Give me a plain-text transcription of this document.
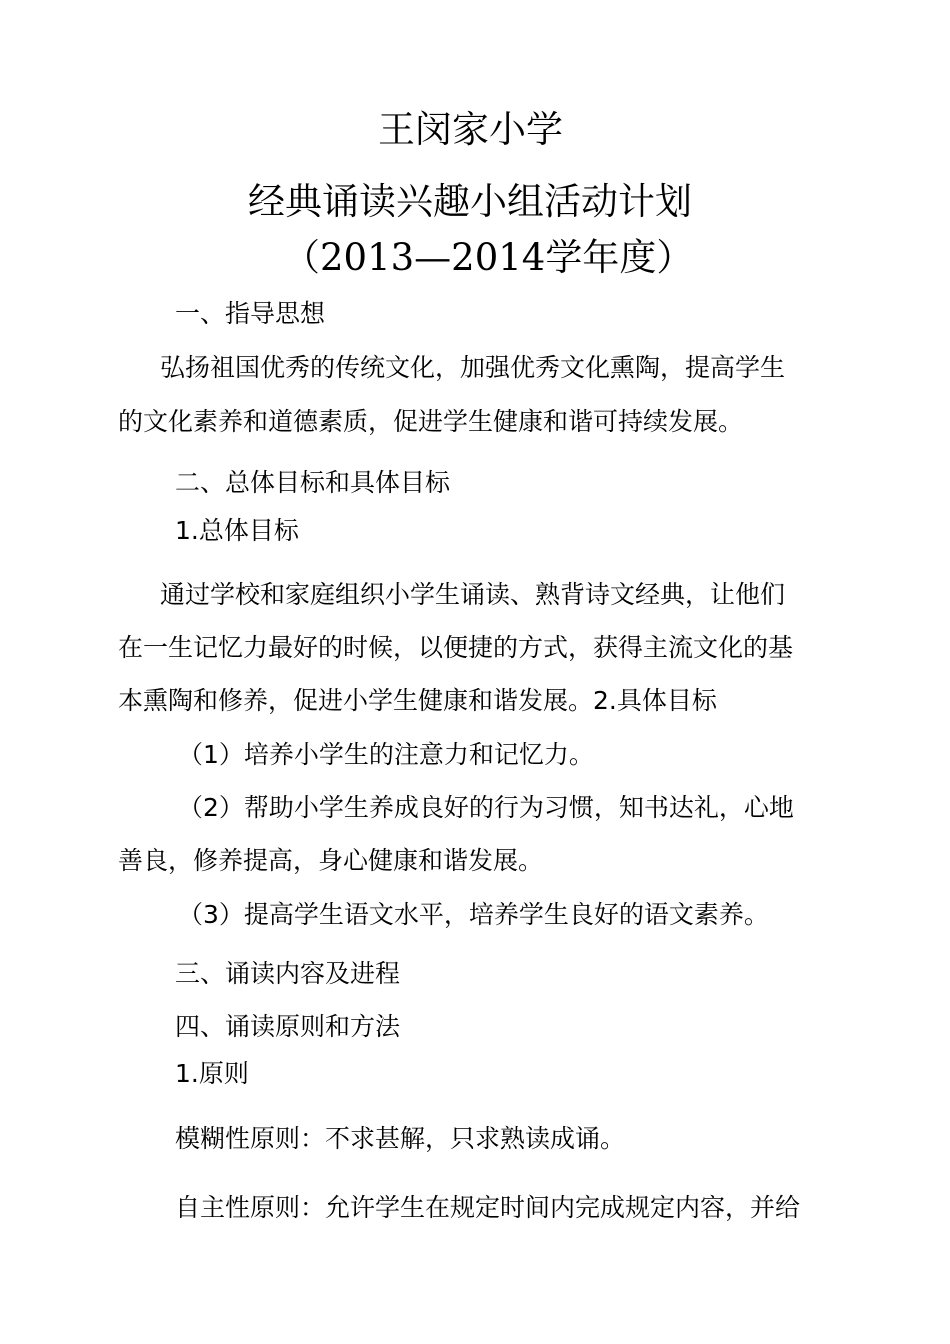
王闵家小学
经典诵读兴趣小组活动计划
（2013—2014学年度）
一、指导思想
弘扬祖国优秀的传统文化，加强优秀文化熏陶，提高学生
的文化素养和道德素质，促进学生健康和谐可持续发展。
二、总体目标和具体目标
1.总体目标
通过学校和家庭组织小学生诵读、熟背诗文经典，让他们
在一生记忆力最好的时候，以便捷的方式，获得主流文化的基
本熏陶和修养，促进小学生健康和谐发展。2.具体目标
（1）培养小学生的注意力和记忆力。
（2）帮助小学生养成良好的行为习惯，知书达礼，心地
善良，修养提高，身心健康和谐发展。
（3）提高学生语文水平，培养学生良好的语文素养。
三、诵读内容及进程
四、诵读原则和方法
1.原则
模糊性原则：不求甚解，只求熟读成诵。
自主性原则：允许学生在规定时间内完成规定内容，并给
